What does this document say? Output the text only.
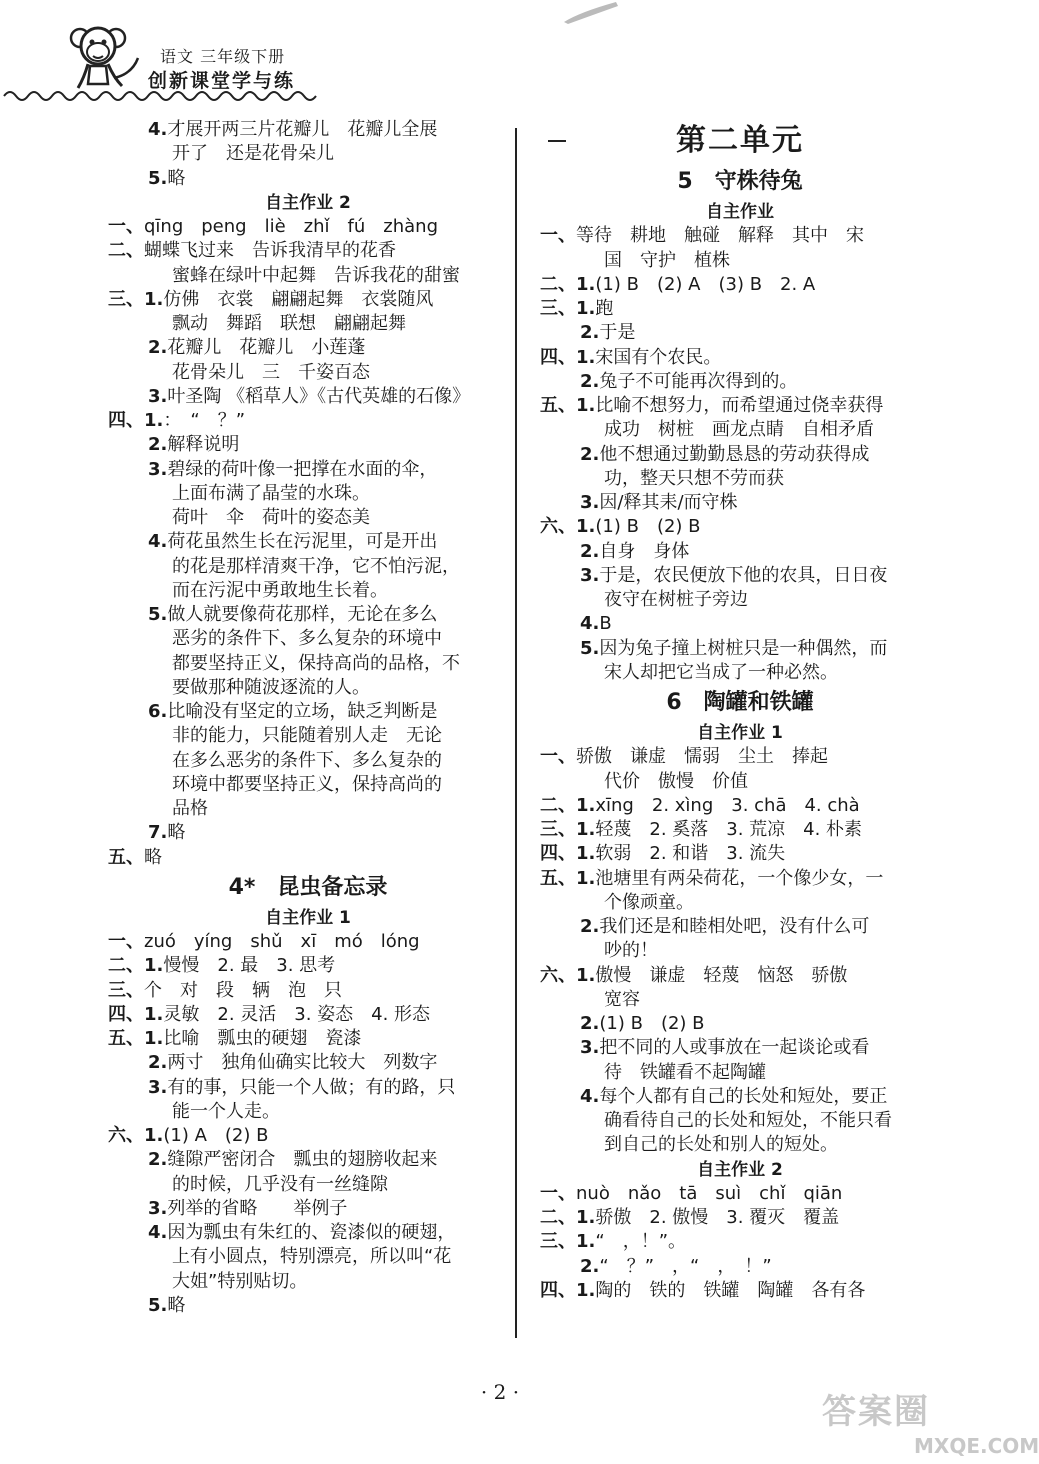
语文 三年级下册
创新课堂学与练
4. 才展开两三片花瓣儿　花瓣儿全展
开了　还是花骨朵儿
5. 略
自主作业 2
一、 qīng　peng　liè　zhǐ　fú　zhàng
二、 蝴蝶飞过来　告诉我清早的花香
蜜蜂在绿叶中起舞　告诉我花的甜蜜
三、1. 仿佛　衣裳　翩翩起舞　衣裳随风
飘动　舞蹈　联想　翩翩起舞
2. 花瓣儿　花瓣儿　小莲蓬
花骨朵儿　三　千姿百态
3. 叶圣陶 《稻草人》《古代英雄的石像》
四、1. ：　“　？”
2. 解释说明
3. 碧绿的荷叶像一把撑在水面的伞，
上面布满了晶莹的水珠。
荷叶　伞　荷叶的姿态美
4. 荷花虽然生长在污泥里，可是开出
的花是那样清爽干净，它不怕污泥，
而在污泥中勇敢地生长着。
5. 做人就要像荷花那样，无论在多么
恶劣的条件下、多么复杂的环境中
都要坚持正义，保持高尚的品格，不
要做那种随波逐流的人。
6. 比喻没有坚定的立场，缺乏判断是
非的能力，只能随着别人走　无论
在多么恶劣的条件下、多么复杂的
环境中都要坚持正义，保持高尚的
品格
7. 略
五、 略
4*　昆虫备忘录
自主作业 1
一、 zuó　yíng　shǔ　xī　mó　lóng
二、1. 慢慢　2. 最　3. 思考
三、 个　对　段　辆　泡　只
四、1. 灵敏　2. 灵活　3. 姿态　4. 形态
五、1. 比喻　瓢虫的硬翅　瓷漆
2. 两寸　独角仙确实比较大　列数字
3. 有的事，只能一个人做；有的路，只
能一个人走。
六、1. (1) A　(2) B
2. 缝隙严密闭合　瓢虫的翅膀收起来
的时候，几乎没有一丝缝隙
3. 列举的省略　　举例子
4. 因为瓢虫有朱红的、瓷漆似的硬翅，
上有小圆点，特别漂亮，所以叫“花
大姐”特别贴切。
5. 略
第二单元
5　守株待兔
自主作业
一、 等待　耕地　触碰　解释　其中　宋
国　守护　植株
二、1. (1) B　(2) A　(3) B　2. A
三、1. 跑
2. 于是
四、1. 宋国有个农民。
2. 兔子不可能再次得到的。
五、1. 比喻不想努力，而希望通过侥幸获得
成功　树桩　画龙点睛　自相矛盾
2. 他不想通过勤勤恳恳的劳动获得成
功，整天只想不劳而获
3. 因/释其耒/而守株
六、1. (1) B　(2) B
2. 自身　身体
3. 于是，农民便放下他的农具，日日夜
夜守在树桩子旁边
4. B
5. 因为兔子撞上树桩只是一种偶然，而
宋人却把它当成了一种必然。
6　陶罐和铁罐
自主作业 1
一、 骄傲　谦虚　懦弱　尘土　捧起
代价　傲慢　价值
二、1. xīng　2. xìng　3. chā　4. chà
三、1. 轻蔑　2. 奚落　3. 荒凉　4. 朴素
四、1. 软弱　2. 和谐　3. 流失
五、1. 池塘里有两朵荷花，一个像少女，一
个像顽童。
2. 我们还是和睦相处吧，没有什么可
吵的！
六、1. 傲慢　谦虚　轻蔑　恼怒　骄傲
宽容
2. (1) B　(2) B
3. 把不同的人或事放在一起谈论或看
待　铁罐看不起陶罐
4. 每个人都有自己的长处和短处，要正
确看待自己的长处和短处，不能只看
到自己的长处和别人的短处。
自主作业 2
一、 nuò　nǎo　tā　suì　chǐ　qiān
二、1. 骄傲　2. 傲慢　3. 覆灭　覆盖
三、1. “　，！”。
2. “　？”　，“　，　！”
四、1. 陶的　铁的　铁罐　陶罐　各有各
· 2 ·	答案圈
MXQE.COM
